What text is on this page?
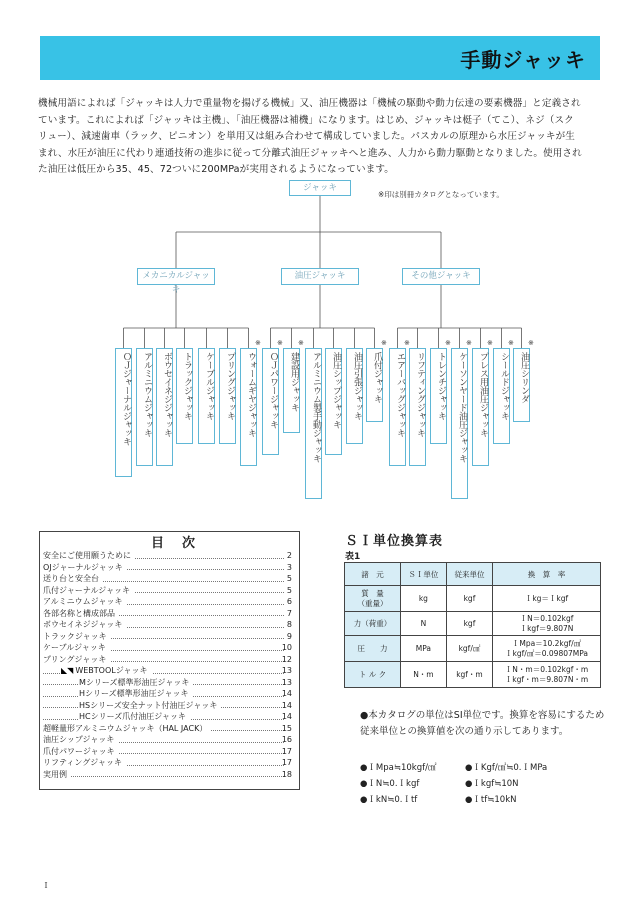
手動ジャッキ

機械用語によれば「ジャッキは人力で重量物を揚げる機械」又、油圧機器は「機械の駆動や動力伝達の要素機器」と定義され

ています。これによれば「ジャッキは主機」、「油圧機器は補機」になります。はじめ、ジャッキは梃子（てこ）、ネジ（スク

リュー）、減速歯車（ラック、ピニオン）を単用又は組み合わせて構成していました。パスカルの原理から水圧ジャッキが生

まれ、水圧が油圧に代わり連通技術の進歩に従って分離式油圧ジャッキへと進み、人力から動力駆動となりました。使用され

た油圧は低圧から35、45、72ついに200MPaが実用されるようになっています。

ジャッキ
メカニカルジャッキ
ＯＪジャーナルジャッキ	アルミニウムジャッキ	ボウセイネジジャッキ	トラックジャッキ	ケーブルジャッキ	プリングジャッキ	ウォームギヤジャッキ
※
油圧ジャッキ
ＯＪパワージャッキ
※
建設用ジャッキ
※
アルミニウム製手動ジャッキ	油圧シップジャッキ	油圧引張ジャッキ	爪付ジャッキ
※
その他ジャッキ
エアーバッグジャッキ
※
リフティングジャッキ	トレンチジャッキ
※
ケーソンヤード油圧ジャッキ
※
プレス用油圧ジャッキ
※
シールドジャッキ
※
油圧シリンダ
※
※印は別冊カタログとなっています。
目次
安全にご使用願うために	2
OJジャーナルジャッキ	3
送り台と安全台	5
爪付ジャーナルジャッキ	5
アルミニウムジャッキ	6
各部名称と構成部品	7
ボウセイネジジャッキ	8
トラックジャッキ	9
ケーブルジャッキ	10
プリングジャッキ	12
◣◥WEBTOOLジャッキ	13
Mシリーズ標準形油圧ジャッキ	13
Hシリーズ標準形油圧ジャッキ	14
HSシリーズ安全ナット付油圧ジャッキ	14
HCシリーズ爪付油圧ジャッキ	14
超軽量形アルミニウムジャッキ（HAL JACK）	15
油圧シップジャッキ	16
爪付パワージャッキ	17
リフティングジャッキ	17
実用例	18
ＳＩ単位換算表
表1
諸　元	ＳＩ単位	従来単位	換　算　率
質　量
（重量）	kg	kgf	Ｉkg＝Ｉkgf
力（荷重）	N	kgf	ＩN＝0.102kgf
Ｉkgf＝9.807N
圧　　力	MPa	kgf/㎠	ＩMpa＝10.2kgf/㎠
Ｉkgf/㎠＝0.09807MPa
ト ル ク	N・m	kgf・m	ＩN・m＝0.102kgf・m
Ｉkgf・m＝9.807N・m
●本カタログの単位はSI単位です。換算を容易にするため従来単位との換算値を次の通り示してあります。
●ＩMpa≒10kgf/㎠	●ＩKgf/㎠≒0.ＩMPa
●ＩN≒0.Ｉkgf	●Ｉkgf≒10N
●ＩkN≒0.Ｉtf	●Ｉtf≒10kN
Ｉ
